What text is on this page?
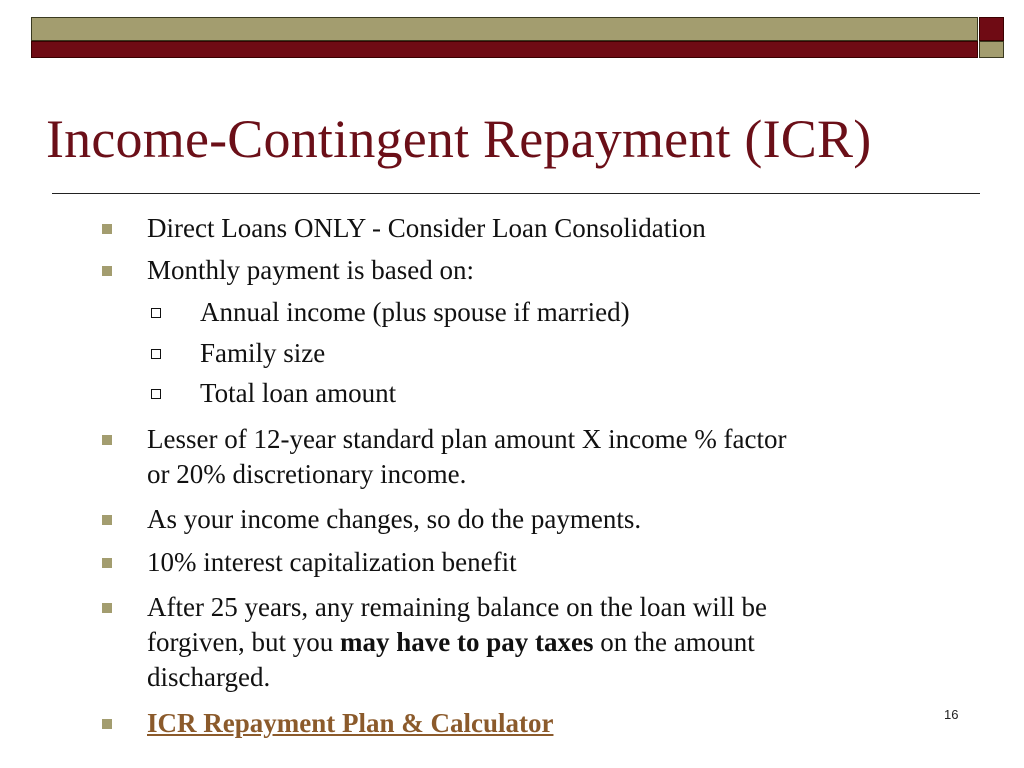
Income-Contingent Repayment (ICR)
Direct Loans ONLY - Consider Loan Consolidation
Monthly payment is based on:
Annual income (plus spouse if married)
Family size
Total loan amount
Lesser of 12-year standard plan amount X income % factor
or 20% discretionary income.
As your income changes, so do the payments.
10% interest capitalization benefit
After 25 years, any remaining balance on the loan will be
forgiven, but you may have to pay taxes on the amount
discharged.
ICR Repayment Plan & Calculator	16
